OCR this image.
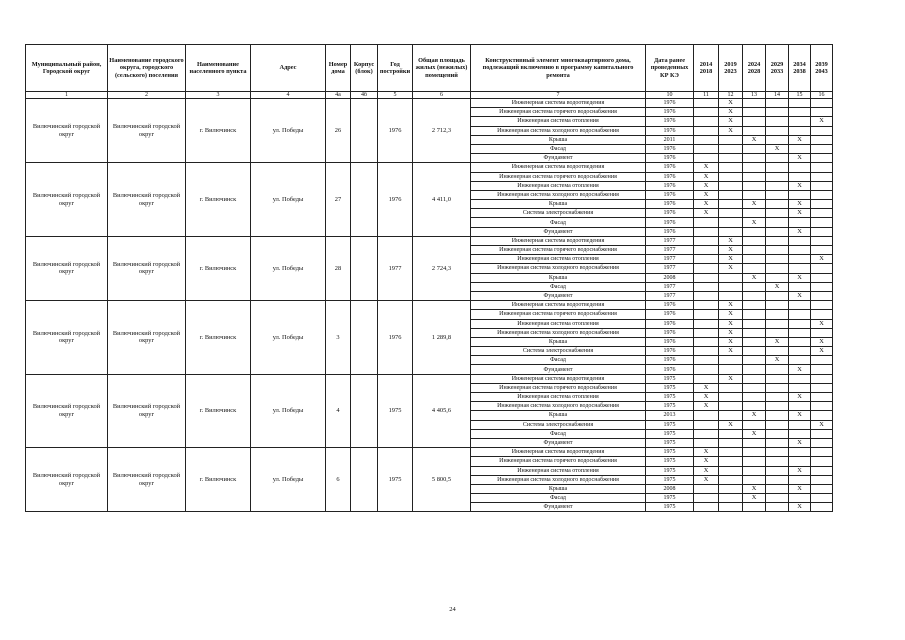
Муниципальный район, Городской округ	Наименование городского округа, городского (сельского) поселения	Наименование населенного пункта	Адрес	Номер дома	Корпус (блок)	Год постройки	Общая площадь жилых (нежилых) помещений	Конструктивный элемент многоквартирного дома, подлежащий включению в программу капитального ремонта	Дата ранее проведенных КР КЭ	2014 2018	2019 2023	2024 2028	2029 2033	2034 2038	2039 2043
1	2	3	4	4а	4б	5	6	7	10	11	12	13	14	15	16
Вилючинский городской округ	Вилючинский городской округ	г. Вилючинск	ул. Победы	26		1976	2 712,3	Инженерная система водоотведения	1976		X				
								Инженерная система горячего водоснабжения	1976		X				
								Инженерная система отопления	1976		X				X
								Инженерная система холодного водоснабжения	1976		X				
								Крыша	2011			X		X	
								Фасад	1976				X		
								Фундамент	1976					X	
Вилючинский городской округ	Вилючинский городской округ	г. Вилючинск	ул. Победы	27		1976	4 411,0	Инженерная система водоотведения	1976	X					
								Инженерная система горячего водоснабжения	1976	X					
								Инженерная система отопления	1976	X				X	
								Инженерная система холодного водоснабжения	1976	X					
								Крыша	1976	X		X		X	
								Система электроснабжения	1976	X				X	
								Фасад	1976			X			
								Фундамент	1976					X	
Вилючинский городской округ	Вилючинский городской округ	г. Вилючинск	ул. Победы	28		1977	2 724,3	Инженерная система водоотведения	1977		X				
								Инженерная система горячего водоснабжения	1977		X				
								Инженерная система отопления	1977		X				X
								Инженерная система холодного водоснабжения	1977		X				
								Крыша	2008			X		X	
								Фасад	1977				X		
								Фундамент	1977					X	
Вилючинский городской округ	Вилючинский городской округ	г. Вилючинск	ул. Победы	3		1976	1 289,8	Инженерная система водоотведения	1976		X				
								Инженерная система горячего водоснабжения	1976		X				
								Инженерная система отопления	1976		X				X
								Инженерная система холодного водоснабжения	1976		X				
								Крыша	1976		X		X		X
								Система электроснабжения	1976		X				X
								Фасад	1976				X		
								Фундамент	1976					X	
Вилючинский городской округ	Вилючинский городской округ	г. Вилючинск	ул. Победы	4		1975	4 405,6	Инженерная система водоотведения	1975		X				
								Инженерная система горячего водоснабжения	1975	X					
								Инженерная система отопления	1975	X				X	
								Инженерная система холодного водоснабжения	1975	X					
								Крыша	2013			X		X	
								Система электроснабжения	1975		X				X
								Фасад	1975			X			
								Фундамент	1975					X	
Вилючинский городской округ	Вилючинский городской округ	г. Вилючинск	ул. Победы	6		1975	5 800,5	Инженерная система водоотведения	1975	X					
								Инженерная система горячего водоснабжения	1975	X					
								Инженерная система отопления	1975	X				X	
								Инженерная система холодного водоснабжения	1975	X					
								Крыша	2008			X		X	
								Фасад	1975			X			
								Фундамент	1975					X	
24
